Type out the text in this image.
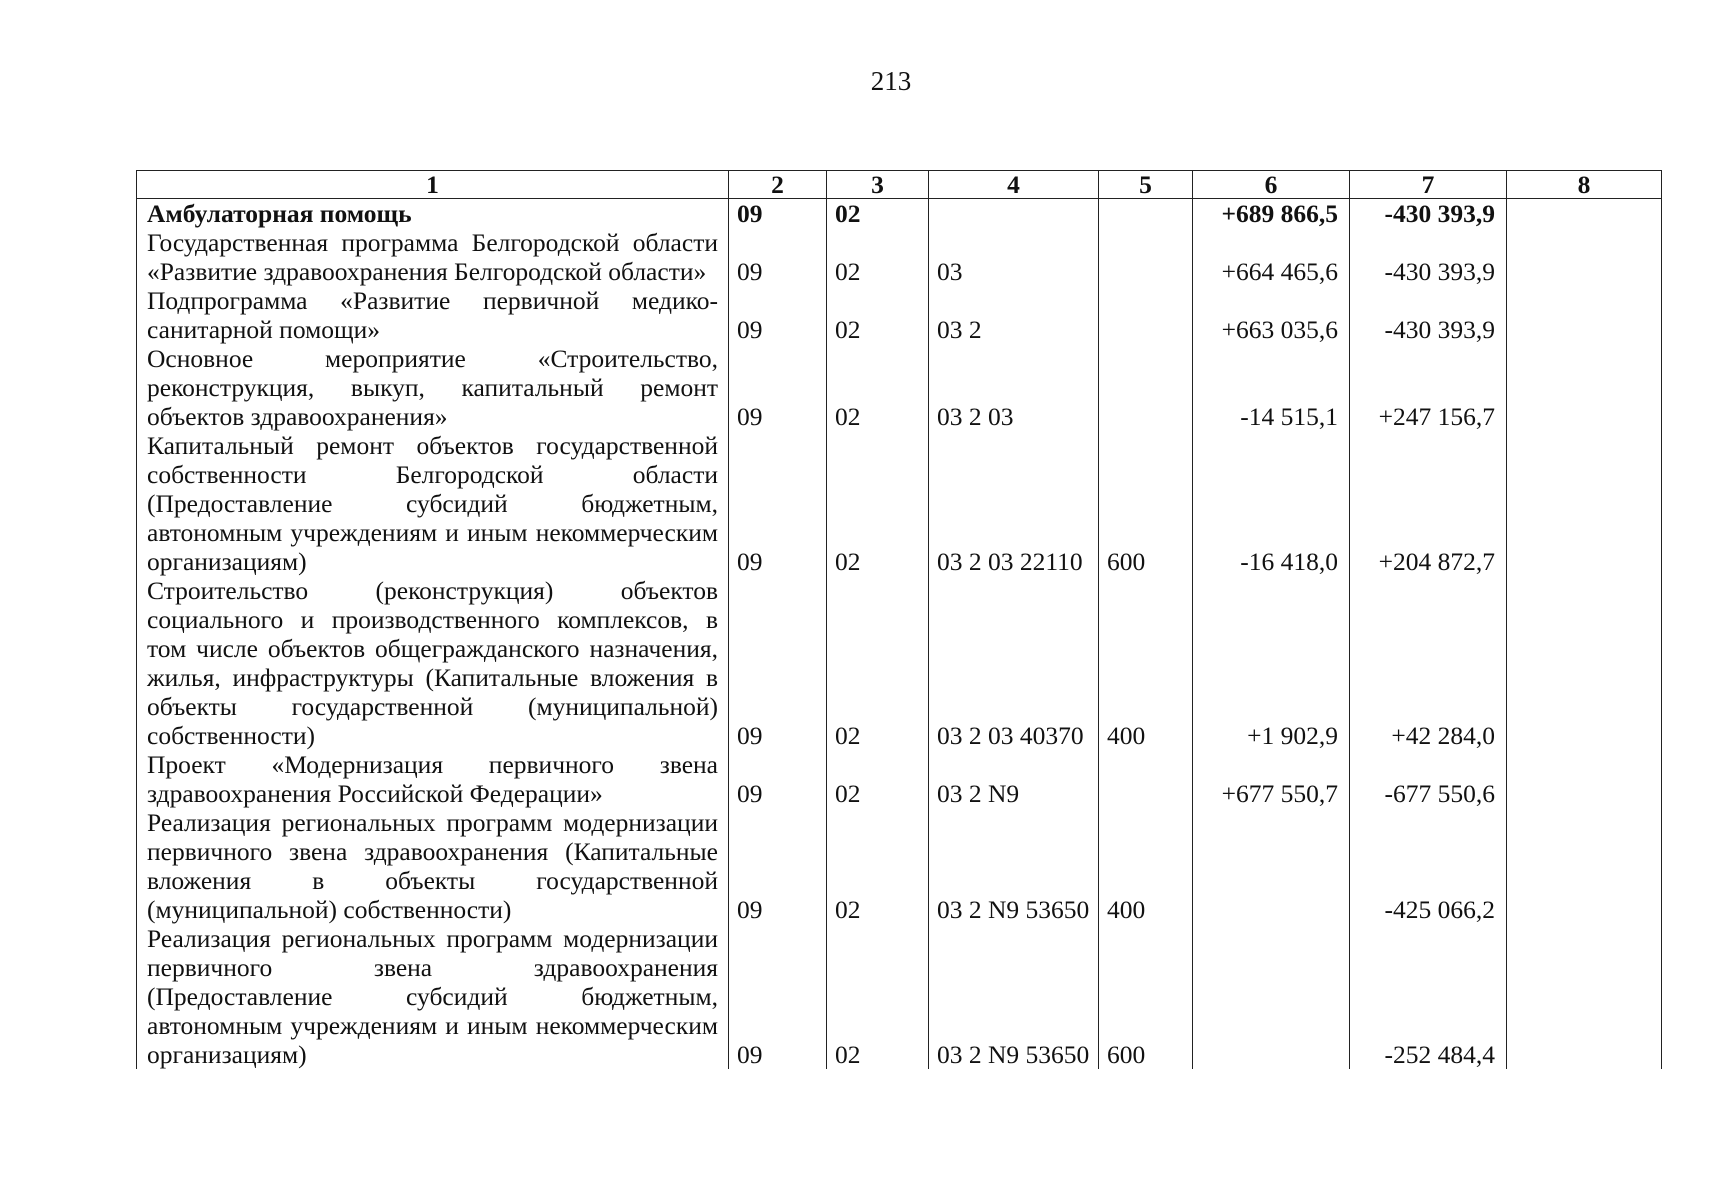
213
1	2	3	4	5	6	7	8
Амбулаторная помощь	09	02			+689 866,5	-430 393,9	
Государственная программа Белгородской области «Развитие здравоохранения Белгородской области»	09	02	03		+664 465,6	-430 393,9	
Подпрограмма «Развитие первичной медико-санитарной помощи»	09	02	03 2		+663 035,6	-430 393,9	
Основное мероприятие «Строительство, реконструкция, выкуп, капитальный ремонт объектов здравоохранения»	09	02	03 2 03		-14 515,1	+247 156,7	
Капитальный ремонт объектов государственной собственности Белгородской области (Предоставление субсидий бюджетным, автономным учреждениям и иным некоммерческим организациям)	09	02	03 2 03 22110	600	-16 418,0	+204 872,7	
Строительство (реконструкция) объектов социального и производственного комплексов, в том числе объектов общегражданского назначения, жилья, инфраструктуры (Капитальные вложения в объекты государственной (муниципальной) собственности)	09	02	03 2 03 40370	400	+1 902,9	+42 284,0	
Проект «Модернизация первичного звена здравоохранения Российской Федерации»	09	02	03 2 N9		+677 550,7	-677 550,6	
Реализация региональных программ модернизации первичного звена здравоохранения (Капитальные вложения в объекты государственной (муниципальной) собственности)	09	02	03 2 N9 53650	400		-425 066,2	
Реализация региональных программ модернизации первичного звена здравоохранения (Предоставление субсидий бюджетным, автономным учреждениям и иным некоммерческим организациям)	09	02	03 2 N9 53650	600		-252 484,4	
